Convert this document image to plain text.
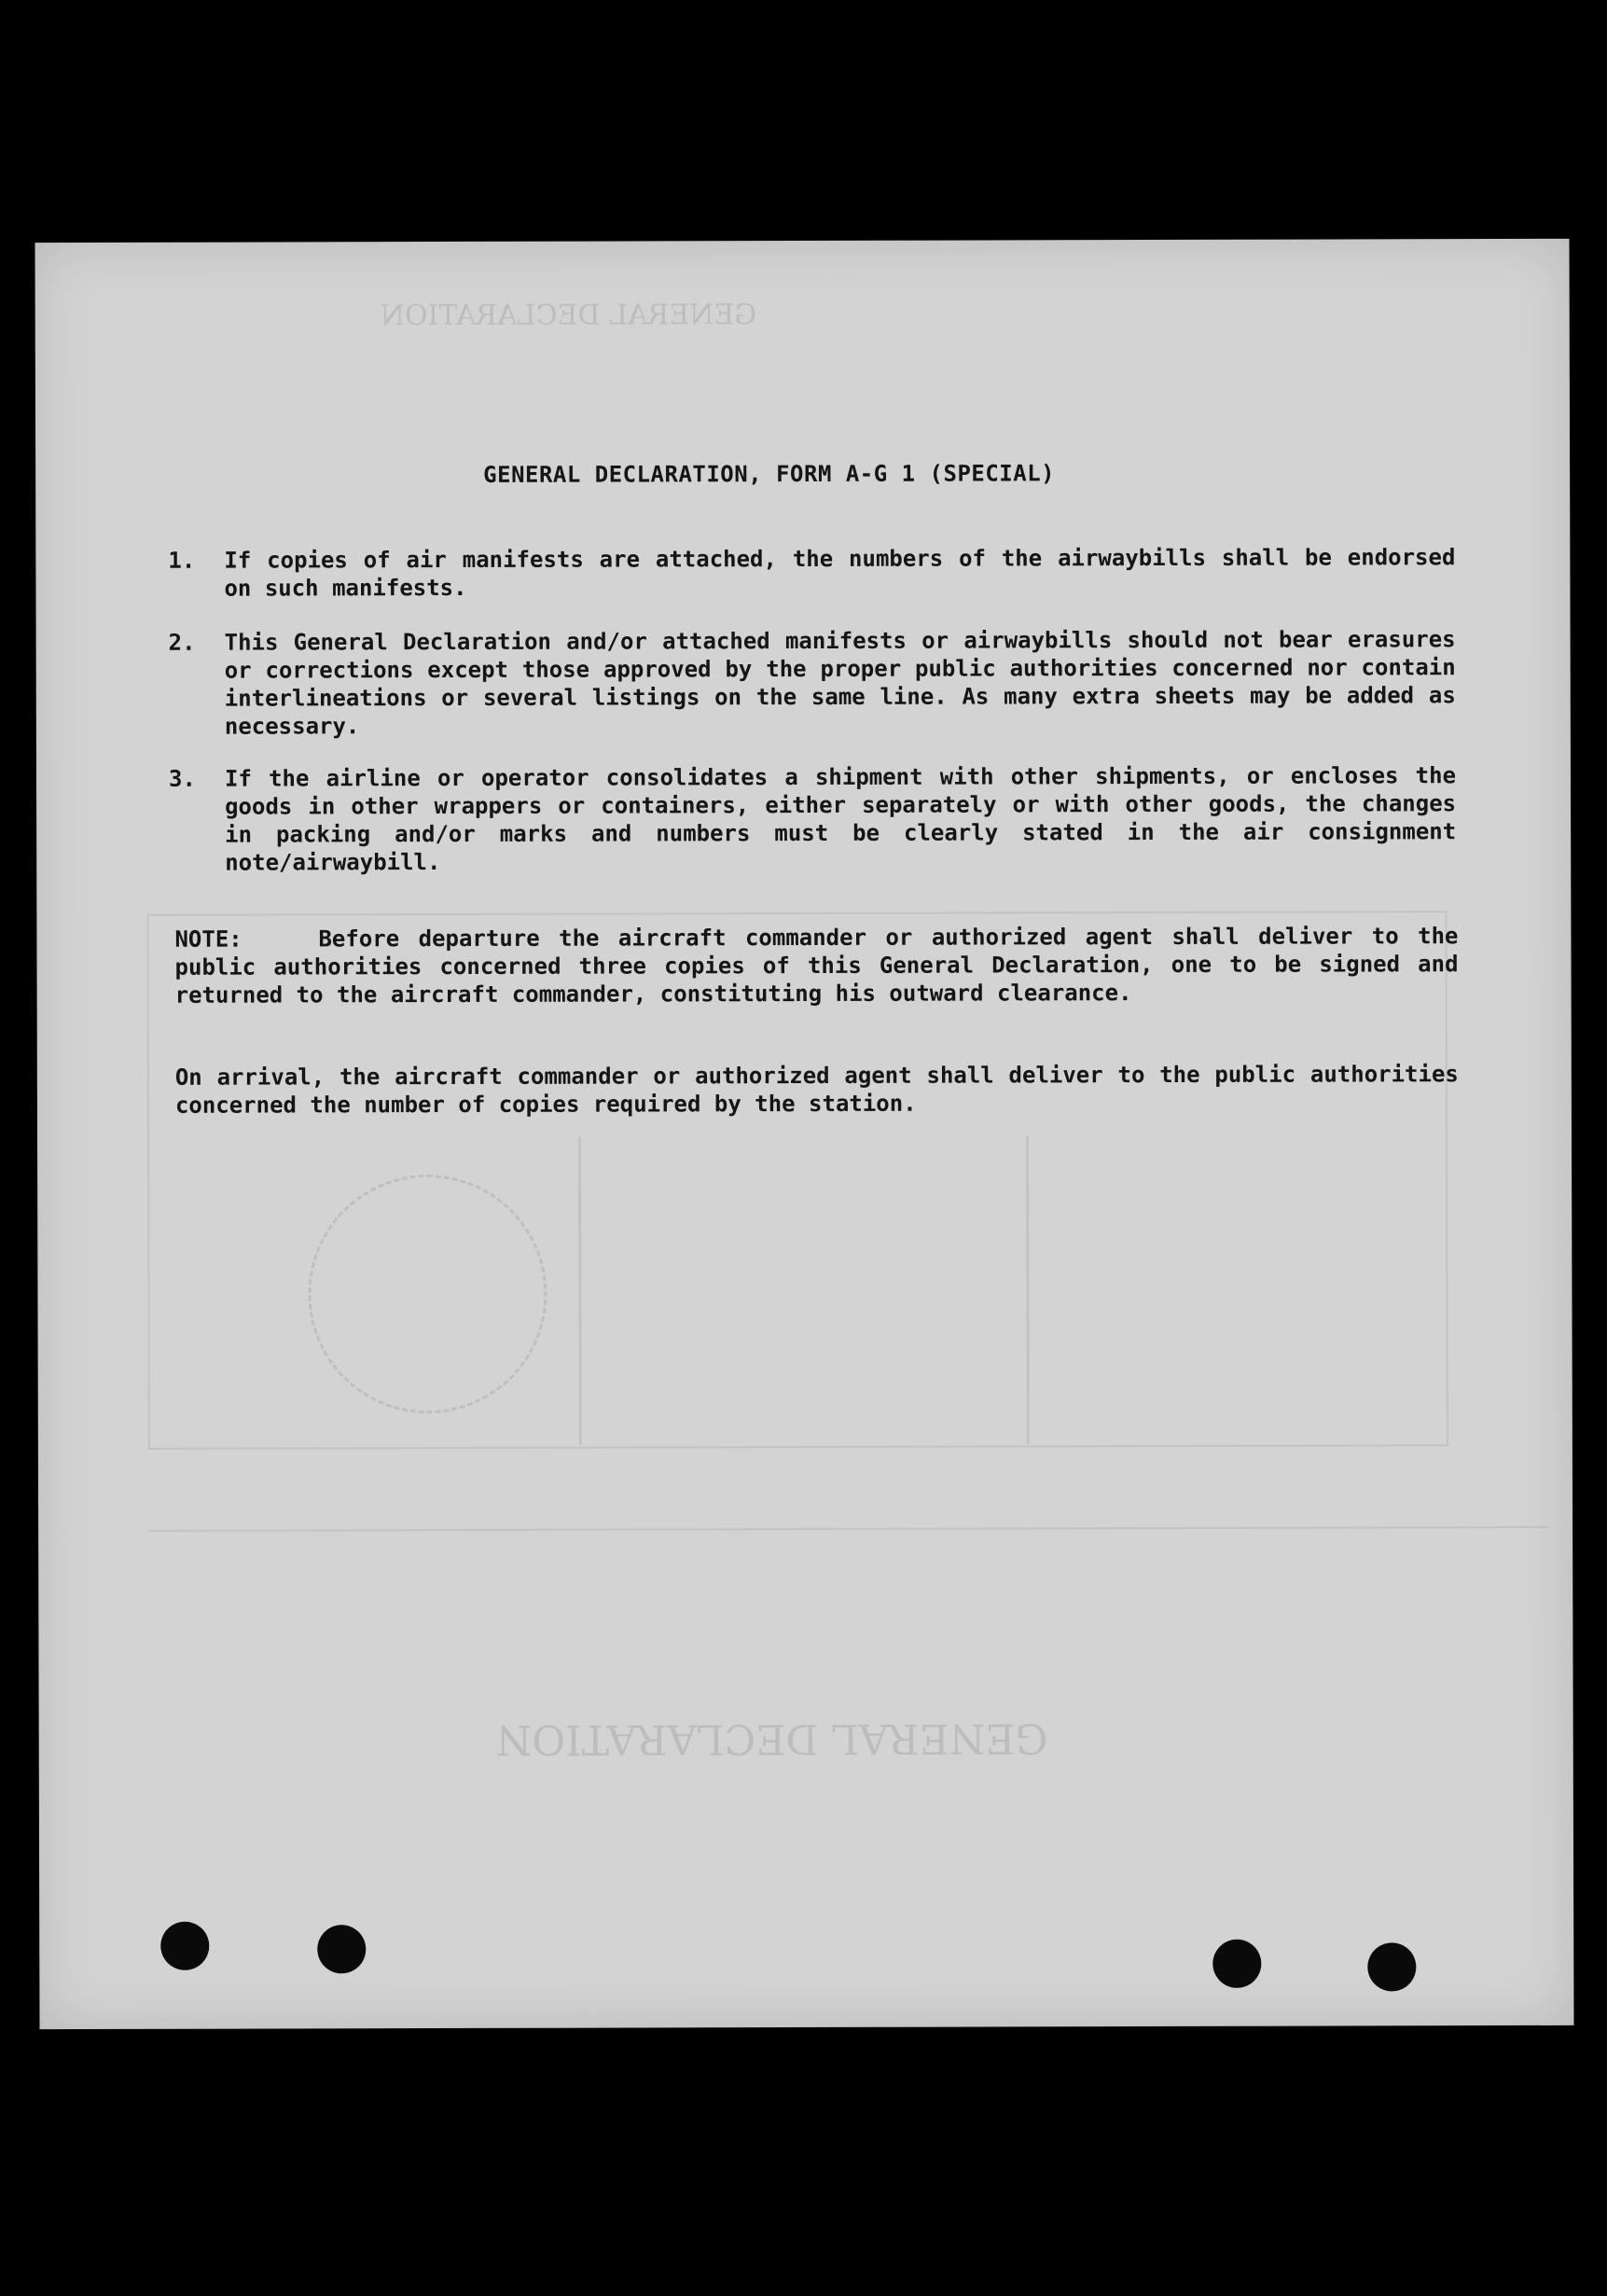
GENERAL DECLARATION
GENERAL DECLARATION
GENERAL DECLARATION, FORM A-G 1 (SPECIAL)
1. If copies of air manifests are attached, the numbers of the airwaybills shall be endorsed on such manifests.
2. This General Declaration and/or attached manifests or airwaybills should not bear erasures or corrections except those approved by the proper public authorities concerned nor contain interlineations or several listings on the same line. As many extra sheets may be added as necessary.
3. If the airline or operator consolidates a shipment with other shipments, or encloses the goods in other wrappers or containers, either separately or with other goods, the changes in packing and/or marks and numbers must be clearly stated in the air consignment note/airwaybill.
NOTE:	Before departure the aircraft commander or authorized agent shall deliver to the public authorities concerned three copies of this General Declaration, one to be signed and returned to the aircraft commander, constituting his outward clearance.
On arrival, the aircraft commander or authorized agent shall deliver to the public authorities concerned the number of copies required by the station.
